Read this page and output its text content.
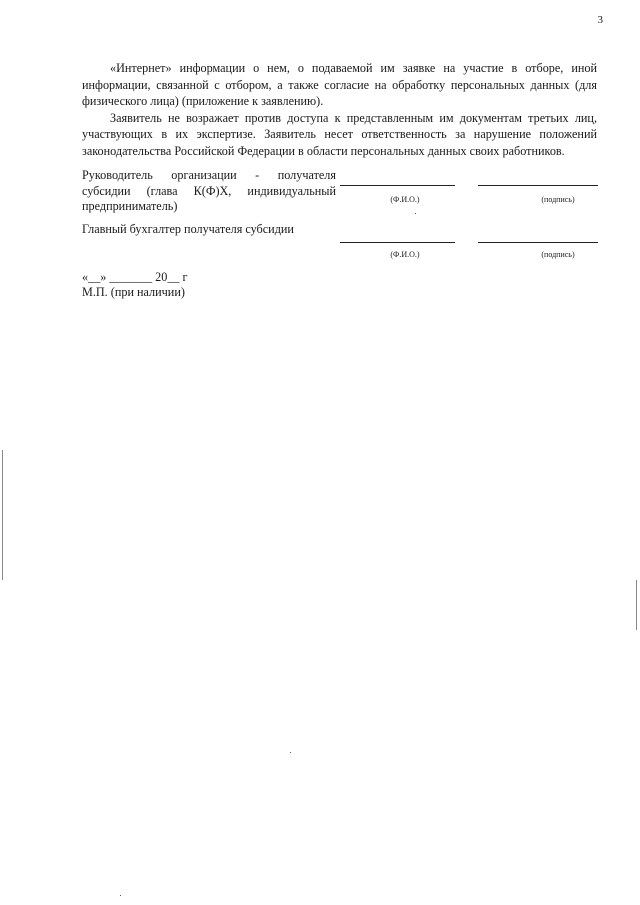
3

«Интернет» информации о нем, о подаваемой им заявке на участие в отборе, иной информации, связанной с отбором, а также согласие на обработку персональных данных (для физического лица) (приложение к заявлению).

Заявитель не возражает против доступа к представленным им документам третьих лиц, участвующих в их экспертизе. Заявитель несет ответственность за нарушение положений законодательства Российской Федерации в области персональных данных своих работников.

Руководитель организации - получателя субсидии (глава К(Ф)Х, индивидуальный предприниматель)	(Ф.И.О.)	(подпись)
Главный бухгалтер получателя субсидии
(Ф.И.О.)	(подпись)
«__» _______ 20__ г
М.П. (при наличии)
